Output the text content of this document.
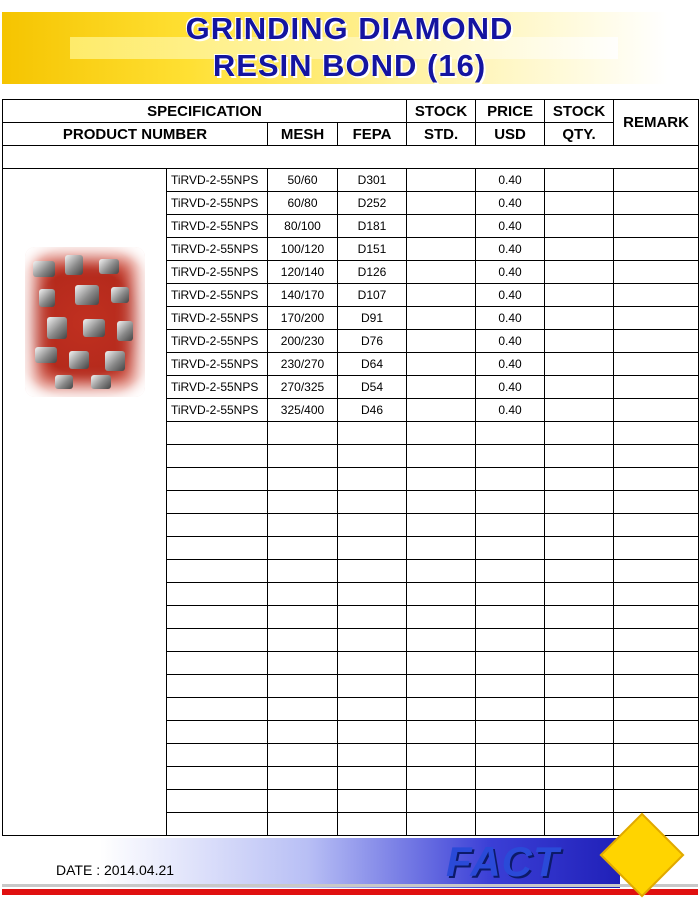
GRINDING DIAMOND
RESIN BOND (16)
SPECIFICATION				STOCK	PRICE	STOCK	REMARK
PRODUCT NUMBER		MESH	FEPA	STD.	USD	QTY.	

	TiRVD-2-55NPS	50/60	D301		0.40		
	TiRVD-2-55NPS	60/80	D252		0.40		
	TiRVD-2-55NPS	80/100	D181		0.40		
	TiRVD-2-55NPS	100/120	D151		0.40		
	TiRVD-2-55NPS	120/140	D126		0.40		
	TiRVD-2-55NPS	140/170	D107		0.40		
	TiRVD-2-55NPS	170/200	D91		0.40		
	TiRVD-2-55NPS	200/230	D76		0.40		
	TiRVD-2-55NPS	230/270	D64		0.40		
	TiRVD-2-55NPS	270/325	D54		0.40		
	TiRVD-2-55NPS	325/400	D46		0.40		

DATE : 2014.04.21	FACT
